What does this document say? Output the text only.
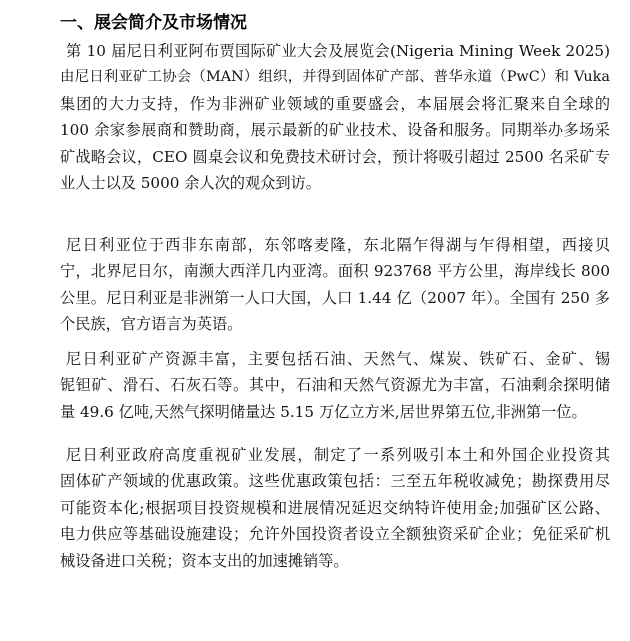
一、展会简介及市场情况
第 10 届尼日利亚阿布贾国际矿业大会及展览会(Nigeria Mining Week 2025)
由尼日利亚矿工协会（MAN）组织，并得到固体矿产部、普华永道（PwC）和 Vuka
集团的大力支持，作为非洲矿业领域的重要盛会，本届展会将汇聚来自全球的
100 余家参展商和赞助商，展示最新的矿业技术、设备和服务。同期举办多场采
矿战略会议，CEO 圆桌会议和免费技术研讨会，预计将吸引超过 2500 名采矿专
业人士以及 5000 余人次的观众到访。
尼日利亚位于西非东南部，东邻喀麦隆，东北隔乍得湖与乍得相望，西接贝
宁，北界尼日尔，南濒大西洋几内亚湾。面积 923768 平方公里，海岸线长 800
公里。尼日利亚是非洲第一人口大国，人口 1.44 亿（2007 年）。全国有 250 多
个民族，官方语言为英语。
尼日利亚矿产资源丰富，主要包括石油、天然气、煤炭、铁矿石、金矿、锡
铌钽矿、滑石、石灰石等。其中，石油和天然气资源尤为丰富，石油剩余探明储
量 49.6 亿吨,天然气探明储量达 5.15 万亿立方米,居世界第五位,非洲第一位。
尼日利亚政府高度重视矿业发展，制定了一系列吸引本土和外国企业投资其
固体矿产领域的优惠政策。这些优惠政策包括：三至五年税收减免；勘探费用尽
可能资本化;根据项目投资规模和进展情况延迟交纳特许使用金;加强矿区公路、
电力供应等基础设施建设；允许外国投资者设立全额独资采矿企业；免征采矿机
械设备进口关税；资本支出的加速摊销等。
